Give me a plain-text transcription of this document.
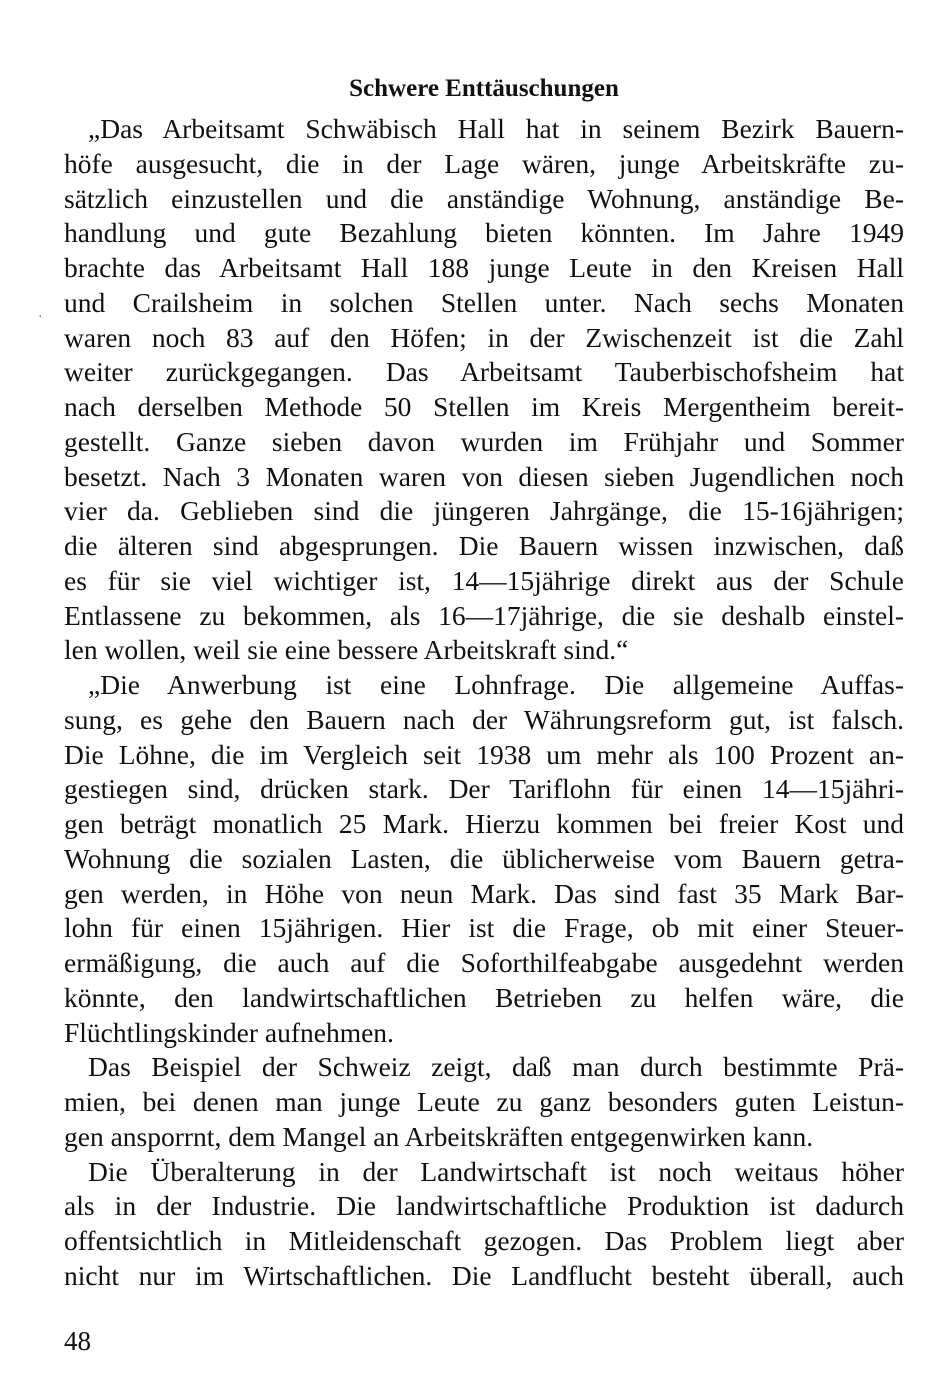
·
Schwere Enttäuschungen
„Das Arbeitsamt Schwäbisch Hall hat in seinem Bezirk Bauern-
höfe ausgesucht, die in der Lage wären, junge Arbeitskräfte zu-
sätzlich einzustellen und die anständige Wohnung, anständige Be-
handlung und gute Bezahlung bieten könnten. Im Jahre 1949
brachte das Arbeitsamt Hall 188 junge Leute in den Kreisen Hall
und Crailsheim in solchen Stellen unter. Nach sechs Monaten
waren noch 83 auf den Höfen; in der Zwischenzeit ist die Zahl
weiter zurückgegangen. Das Arbeitsamt Tauberbischofsheim hat
nach derselben Methode 50 Stellen im Kreis Mergentheim bereit-
gestellt. Ganze sieben davon wurden im Frühjahr und Sommer
besetzt. Nach 3 Monaten waren von diesen sieben Jugendlichen noch
vier da. Geblieben sind die jüngeren Jahrgänge, die 15-16jährigen;
die älteren sind abgesprungen. Die Bauern wissen inzwischen, daß
es für sie viel wichtiger ist, 14—15jährige direkt aus der Schule
Entlassene zu bekommen, als 16—17jährige, die sie deshalb einstel-
len wollen, weil sie eine bessere Arbeitskraft sind.“
„Die Anwerbung ist eine Lohnfrage. Die allgemeine Auffas-
sung, es gehe den Bauern nach der Währungsreform gut, ist falsch.
Die Löhne, die im Vergleich seit 1938 um mehr als 100 Prozent an-
gestiegen sind, drücken stark. Der Tariflohn für einen 14—15jähri-
gen beträgt monatlich 25 Mark. Hierzu kommen bei freier Kost und
Wohnung die sozialen Lasten, die üblicherweise vom Bauern getra-
gen werden, in Höhe von neun Mark. Das sind fast 35 Mark Bar-
lohn für einen 15jährigen. Hier ist die Frage, ob mit einer Steuer-
ermäßigung, die auch auf die Soforthilfeabgabe ausgedehnt werden
könnte, den landwirtschaftlichen Betrieben zu helfen wäre, die
Flüchtlingskinder aufnehmen.
Das Beispiel der Schweiz zeigt, daß man durch bestimmte Prä-
mien, bei denen man junge Leute zu ganz besonders guten Leistun-
gen ansporrnt, dem Mangel an Arbeitskräften entgegenwirken kann.
Die Überalterung in der Landwirtschaft ist noch weitaus höher
als in der Industrie. Die landwirtschaftliche Produktion ist dadurch
offentsichtlich in Mitleidenschaft gezogen. Das Problem liegt aber
nicht nur im Wirtschaftlichen. Die Landflucht besteht überall, auch
48
